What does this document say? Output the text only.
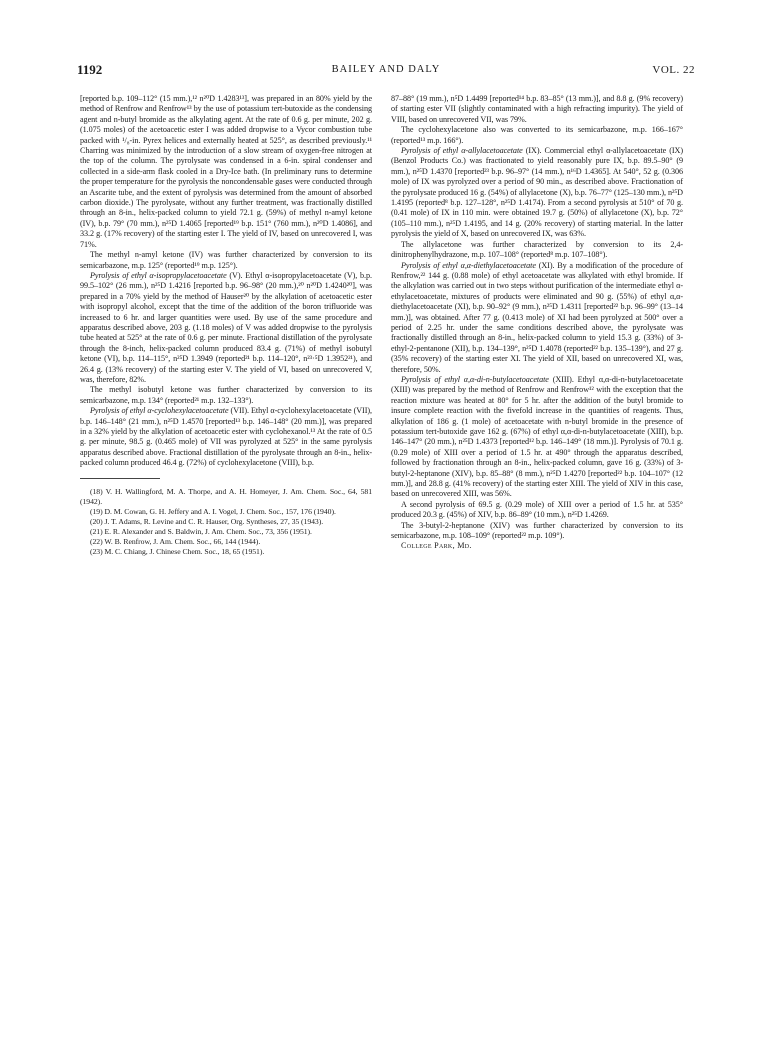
1192	BAILEY AND DALY	VOL. 22

[reported b.p. 109–112° (15 mm.),¹² n²⁰D 1.4283¹³], was prepared in an 80% yield by the method of Renfrow and Renfrow¹³ by the use of potassium tert-butoxide as the condensing agent and n-butyl bromide as the alkylating agent. At the rate of 0.6 g. per minute, 202 g. (1.075 moles) of the acetoacetic ester I was added dropwise to a Vycor combustion tube packed with ¹/₈-in. Pyrex helices and externally heated at 525°, as described previously.¹¹ Charring was minimized by the introduction of a slow stream of oxygen-free nitrogen at the top of the column. The pyrolysate was condensed in a 6-in. spiral condenser and collected in a side-arm flask cooled in a Dry-Ice bath. (In preliminary runs to determine the proper temperature for the pyrolysis the noncondensable gases were conducted through an Ascarite tube, and the extent of pyrolysis was determined from the amount of absorbed carbon dioxide.) The pyrolysate, without any further treatment, was fractionally distilled through an 8-in., helix-packed column to yield 72.1 g. (59%) of methyl n-amyl ketone (IV), b.p. 79° (70 mm.), n²⁵D 1.4065 [reported¹⁹ b.p. 151° (760 mm.), n²⁰D 1.4086], and 33.2 g. (17% recovery) of the starting ester I. The yield of IV, based on unrecovered I, was 71%.

The methyl n-amyl ketone (IV) was further characterized by conversion to its semicarbazone, m.p. 125° (reported¹⁹ m.p. 125°).

Pyrolysis of ethyl α-isopropylacetoacetate (V). Ethyl α-isopropylacetoacetate (V), b.p. 99.5–102° (26 mm.), n²⁵D 1.4216 [reported b.p. 96–98° (20 mm.),²⁰ n²⁰D 1.4240²⁰], was prepared in a 70% yield by the method of Hauser²⁰ by the alkylation of acetoacetic ester with isopropyl alcohol, except that the time of the addition of the boron trifluoride was increased to 6 hr. and larger quantities were used. By use of the same procedure and apparatus described above, 203 g. (1.18 moles) of V was added dropwise to the pyrolysis tube heated at 525° at the rate of 0.6 g. per minute. Fractional distillation of the pyrolysate through the 8-inch, helix-packed column produced 83.4 g. (71%) of methyl isobutyl ketone (VI), b.p. 114–115°, n²⁵D 1.3949 (reported²¹ b.p. 114–120°, n²³·⁵D 1.3952²¹), and 26.4 g. (13% recovery) of the starting ester V. The yield of VI, based on unrecovered V, was, therefore, 82%.

The methyl isobutyl ketone was further characterized by conversion to its semicarbazone, m.p. 134° (reported²¹ m.p. 132–133°).

Pyrolysis of ethyl α-cyclohexylacetoacetate (VII). Ethyl α-cyclohexylacetoacetate (VII), b.p. 146–148° (21 mm.), n²⁵D 1.4570 [reported¹³ b.p. 146–148° (20 mm.)], was prepared in a 32% yield by the alkylation of acetoacetic ester with cyclohexanol.¹³ At the rate of 0.5 g. per minute, 98.5 g. (0.465 mole) of VII was pyrolyzed at 525° in the same pyrolysis apparatus described above. Fractional distillation of the pyrolysate through an 8-in., helix-packed column produced 46.4 g. (72%) of cyclohexylacetone (VIII), b.p.

(18) V. H. Wallingford, M. A. Thorpe, and A. H. Homeyer, J. Am. Chem. Soc., 64, 581 (1942).

(19) D. M. Cowan, G. H. Jeffery and A. I. Vogel, J. Chem. Soc., 157, 176 (1940).

(20) J. T. Adams, R. Levine and C. R. Hauser, Org. Syntheses, 27, 35 (1943).

(21) E. R. Alexander and S. Baldwin, J. Am. Chem. Soc., 73, 356 (1951).

(22) W. B. Renfrow, J. Am. Chem. Soc., 66, 144 (1944).

(23) M. C. Chiang, J. Chinese Chem. Soc., 18, 65 (1951).

87–88° (19 mm.), n⁵D 1.4499 [reported¹⁴ b.p. 83–85° (13 mm.)], and 8.8 g. (9% recovery) of starting ester VII (slightly contaminated with a high refracting impurity). The yield of VIII, based on unrecovered VII, was 79%.

The cyclohexylacetone also was converted to its semicarbazone, m.p. 166–167° (reported¹³ m.p. 166°).

Pyrolysis of ethyl α-allylacetoacetate (IX). Commercial ethyl α-allylacetoacetate (IX) (Benzol Products Co.) was fractionated to yield reasonably pure IX, b.p. 89.5–90° (9 mm.), n²⁵D 1.4370 [reported²³ b.p. 96–97° (14 mm.), n¹⁶D 1.4365]. At 540°, 52 g. (0.306 mole) of IX was pyrolyzed over a period of 90 min., as described above. Fractionation of the pyrolysate produced 16 g. (54%) of allylacetone (X), b.p. 76–77° (125–130 mm.), n²⁵D 1.4195 (reported⁸ b.p. 127–128°, n²⁵D 1.4174). From a second pyrolysis at 510° of 70 g. (0.41 mole) of IX in 110 min. were obtained 19.7 g. (50%) of allylacetone (X), b.p. 72° (105–110 mm.), n²⁵D 1.4195, and 14 g. (20% recovery) of starting material. In the latter pyrolysis the yield of X, based on unrecovered IX, was 63%.

The allylacetone was further characterized by conversion to its 2,4-dinitrophenylhydrazone, m.p. 107–108° (reported⁸ m.p. 107–108°).

Pyrolysis of ethyl α,α-diethylacetoacetate (XI). By a modification of the procedure of Renfrow,²² 144 g. (0.88 mole) of ethyl acetoacetate was alkylated with ethyl bromide. If the alkylation was carried out in two steps without purification of the intermediate ethyl α-ethylacetoacetate, mixtures of products were eliminated and 90 g. (55%) of ethyl α,α-diethylacetoacetate (XI), b.p. 90–92° (9 mm.), n²⁵D 1.4311 [reported²² b.p. 96–99° (13–14 mm.)], was obtained. After 77 g. (0.413 mole) of XI had been pyrolyzed at 500° over a period of 2.25 hr. under the same conditions described above, the pyrolysate was fractionally distilled through an 8-in., helix-packed column to yield 15.3 g. (33%) of 3-ethyl-2-pentanone (XII), b.p. 134–139°, n²⁵D 1.4078 (reported²² b.p. 135–139°), and 27 g. (35% recovery) of the starting ester XI. The yield of XII, based on unrecovered XI, was, therefore, 50%.

Pyrolysis of ethyl α,α-di-n-butylacetoacetate (XIII). Ethyl α,α-di-n-butylacetoacetate (XIII) was prepared by the method of Renfrow and Renfrow¹² with the exception that the reaction mixture was heated at 80° for 5 hr. after the addition of the butyl bromide to insure complete reaction with the fivefold increase in the quantities of reagents. Thus, alkylation of 186 g. (1 mole) of acetoacetate with n-butyl bromide in the presence of potassium tert-butoxide gave 162 g. (67%) of ethyl α,α-di-n-butylacetoacetate (XIII), b.p. 146–147° (20 mm.), n²⁵D 1.4373 [reported¹² b.p. 146–149° (18 mm.)]. Pyrolysis of 70.1 g. (0.29 mole) of XIII over a period of 1.5 hr. at 490° through the apparatus described, followed by fractionation through an 8-in., helix-packed column, gave 16 g. (33%) of 3-butyl-2-heptanone (XIV), b.p. 85–88° (8 mm.), n²⁵D 1.4270 [reported²² b.p. 104–107° (12 mm.)], and 28.8 g. (41% recovery) of the starting ester XIII. The yield of XIV in this case, based on unrecovered XIII, was 56%.

A second pyrolysis of 69.5 g. (0.29 mole) of XIII over a period of 1.5 hr. at 535° produced 20.3 g. (45%) of XIV, b.p. 86–89° (10 mm.), n²⁵D 1.4269.

The 3-butyl-2-heptanone (XIV) was further characterized by conversion to its semicarbazone, m.p. 108–109° (reported²² m.p. 109°).

College Park, Md.
